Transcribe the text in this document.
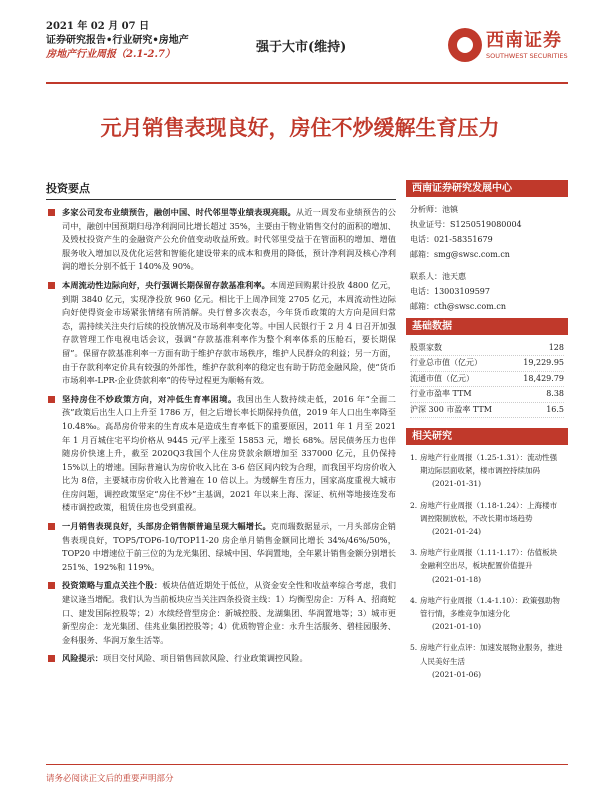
2021 年 02 月 07 日
证券研究报告•行业研究•房地产
房地产行业周报（2.1-2.7）	强于大市(维持)	西南证券
SOUTHWEST SECURITIES
元月销售表现良好，房住不炒缓解生育压力
投资要点
多家公司发布业绩预告，融创中国、时代邻里等业绩表现亮眼。从近一周发布业绩预告的公司中，融创中国预期归母净利润同比增长超过 35%，主要由于物业销售交付的面积的增加、及毁杖投资产生的金融资产公允价值变动收益所致。时代邻里受益于在管面积的增加、增值服务收入增加以及优化运营和智能化建设带来的成本和费用的降低，预计净利润及核心净利润的增长分别不低于 140%及 90%。
本周流动性边际向好，央行强调长期保留存款基准利率。本周逆回购累计投放 4800 亿元，到期 3840 亿元，实现净投放 960 亿元。相比于上周净回笼 2705 亿元，本周流动性边际向好使得资金市场紧张情绪有所消解。央行曾多次表态，今年货币政策的大方向是回归常态，需持续关注央行后续的投放情况及市场利率变化等。中国人民银行于 2 月 4 日召开加强存款管理工作电视电话会议，强调“存款基准利率作为整个利率体系的压舱石，要长期保留”。保留存款基准利率一方面有助于维护存款市场秩序，维护人民群众的利益；另一方面，由于存款利率定价具有较强的外部性，维护存款利率的稳定也有助于防范金融风险，使“货币市场利率-LPR-企业贷款利率”的传导过程更为顺畅有效。
坚持房住不炒政策方向，对冲低生育率困境。我国出生人数持续走低，2016 年“全面二孩”政策后出生人口上升至 1786 万，但之后增长率长期保持负值，2019 年人口出生率降至 10.48‰。高昂房价带来的生育成本是造成生育率低下的重要原因，2011 年 1 月至 2021 年 1 月百城住宅平均价格从 9445 元/平上涨至 15853 元，增长 68%。居民债务压力也伴随房价快速上升，截至 2020Q3我国个人住房贷款余额增加至 337000 亿元，且仍保持 15%以上的增速。国际普遍认为房价收入比在 3-6 倍区间内较为合理，而我国平均房价收入比为 8倍，主要城市房价收入比普遍在 10 倍以上。为缓解生育压力，国家高度重视大城市住房问题，调控政策坚定“房住不炒”主基调，2021 年以来上海、深证、杭州等地接连发布楼市调控政策，租赁住房也受到重视。
一月销售表现良好，头部房企销售额普遍呈现大幅增长。克而瑞数据显示，一月头部房企销售表现良好，TOP5/TOP6-10/TOP11-20 房企单月销售金额同比增长 34%/46%/50%，TOP20 中增速位于前三位的为龙光集团、绿城中国、华润置地，全年累计销售金额分别增长 251%、192%和 119%。
投资策略与重点关注个股：板块估值近期处于低位，从资金安全性和收益率综合考虑，我们建议逢当增配。我们认为当前板块应当关注四条投资主线：1）均衡型房企：万科 A、招商蛇口、建发国际控股等；2）水续经营型房企：新城控股、龙湖集团、华润置地等；3）城市更新型房企：龙光集团、佳兆业集团控股等；4）优质物管企业：永升生活服务、碧桂园服务、金科服务、华润万象生活等。
风险提示：项目交付风险、项目销售回款风险、行业政策调控风险。
西南证券研究发展中心
分析师：池镇
执业证号：S1250519080004
电话：021-58351679
邮箱：smg@swsc.com.cn
联系人：池天惠
电话：13003109597
邮箱：cth@swsc.com.cn
基础数据
股票家数	128
行业总市值（亿元）	19,229.95
流通市值（亿元）	18,429.79
行业市盈率 TTM	8.38
沪深 300 市盈率 TTM	16.5
相关研究
1. 房地产行业周报（1.25-1.31）：流动性强期边际层面收紧，楼市调控持续加码
(2021-01-31)
2. 房地产行业周报（1.18-1.24）：上海楼市调控限制放松，不改长期市场趋势
(2021-01-24)
3. 房地产行业周报（1.11-1.17）：估值板块金融利空出尽，板块配置价值提升
(2021-01-18)
4. 房地产行业周报（1.4-1.10）：政策强助物管行情，多维竞争加速分化
(2021-01-10)
5. 房地产行业点评：加速发展物业服务，推进人民美好生活
(2021-01-06)
请务必阅读正文后的重要声明部分
